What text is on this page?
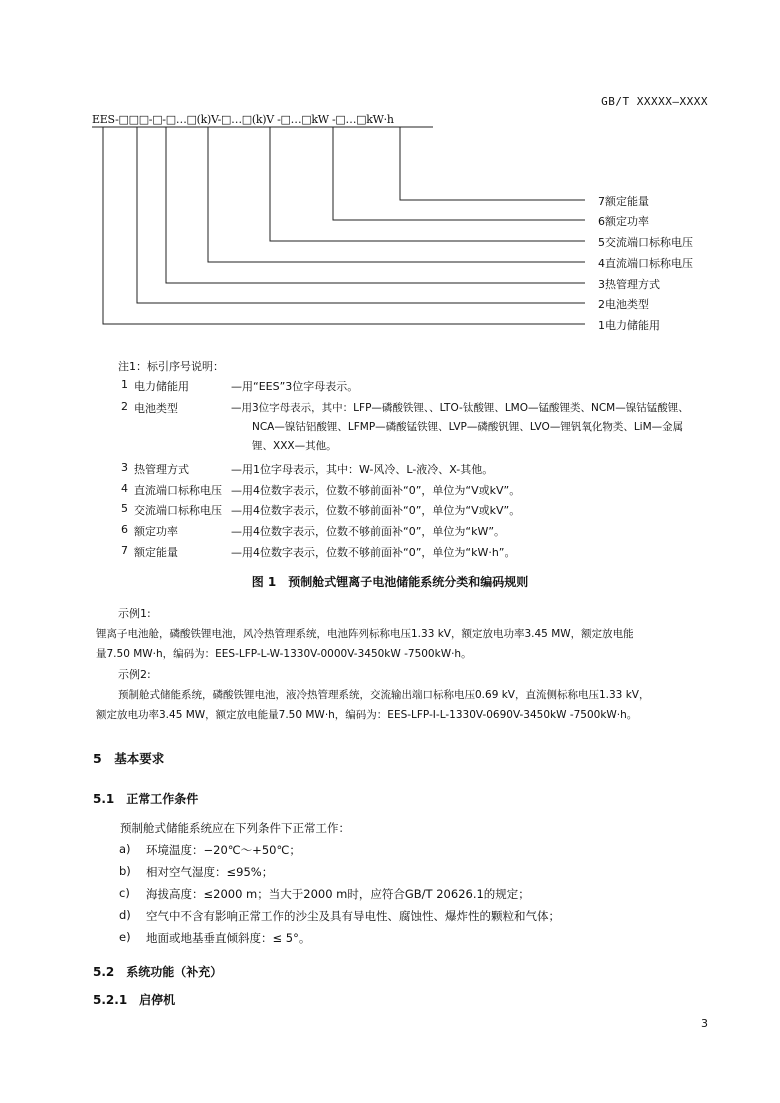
GB/T XXXXX—XXXX
EES-□□□-□-□…□(k)V-□…□(k)V -□…□kW -□…□kW·h
7额定能量
6额定功率
5交流端口标称电压
4直流端口标称电压
3热管理方式
2电池类型
1电力储能用
注1：标引序号说明：
1 电力储能用	—用“EES”3位字母表示。
2 电池类型	—用3位字母表示，其中：LFP—磷酸铁锂、、LTO-钛酸锂、LMO—锰酸锂类、NCM—镍钴锰酸锂、
NCA—镍钴铝酸锂、LFMP—磷酸锰铁锂、LVP—磷酸钒锂、LVO—锂钒氧化物类、LiM—金属
锂、XXX—其他。
3 热管理方式	—用1位字母表示，其中：W-风冷、L-液冷、X-其他。
4 直流端口标称电压 —用4位数字表示，位数不够前面补“0”，单位为“V或kV”。
5 交流端口标称电压 —用4位数字表示，位数不够前面补“0”，单位为“V或kV”。
6 额定功率	—用4位数字表示，位数不够前面补“0”，单位为“kW”。
7 额定能量	—用4位数字表示，位数不够前面补“0”，单位为“kW·h”。
图 1　预制舱式锂离子电池储能系统分类和编码规则
示例1:
锂离子电池舱，磷酸铁锂电池，风冷热管理系统，电池阵列标称电压1.33 kV，额定放电功率3.45 MW，额定放电能
量7.50 MW·h，编码为：EES-LFP-L-W-1330V-0000V-3450kW -7500kW·h。
示例2:
预制舱式储能系统，磷酸铁锂电池，液冷热管理系统，交流输出端口标称电压0.69 kV，直流侧标称电压1.33 kV，
额定放电功率3.45 MW，额定放电能量7.50 MW·h，编码为：EES-LFP-I-L-1330V-0690V-3450kW -7500kW·h。
5　基本要求
5.1　正常工作条件
预制舱式储能系统应在下列条件下正常工作：
a) 环境温度：−20℃～+50℃；
b) 相对空气湿度：≤95%；
c) 海拔高度：≤2000 m；当大于2000 m时，应符合GB/T 20626.1的规定；
d) 空气中不含有影响正常工作的沙尘及具有导电性、腐蚀性、爆炸性的颗粒和气体；
e) 地面或地基垂直倾斜度：≤ 5°。
5.2　系统功能（补充）
5.2.1　启停机
3
